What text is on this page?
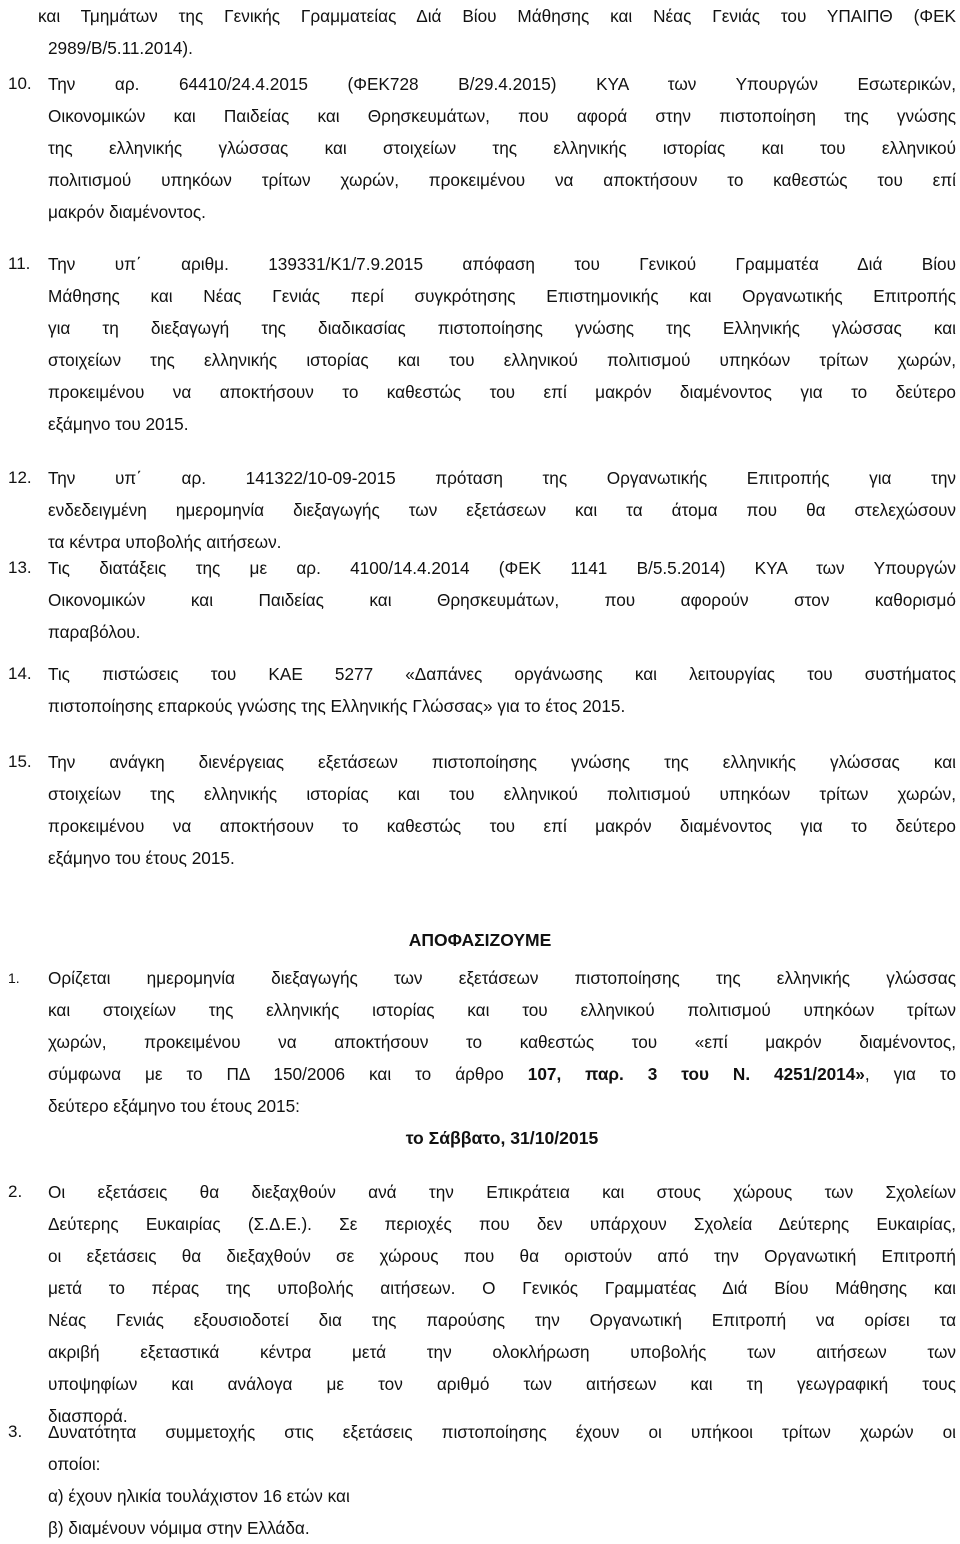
και Τμημάτων της Γενικής Γραμματείας Διά Βίου Μάθησης και Νέας Γενιάς του ΥΠΑΙΠΘ (ΦΕΚ
2989/Β/5.11.2014).
10. Την αρ. 64410/24.4.2015 (ΦΕΚ728 Β/29.4.2015) ΚΥΑ των Υπουργών Εσωτερικών,
Οικονομικών και Παιδείας και Θρησκευμάτων, που αφορά στην πιστοποίηση της γνώσης
της ελληνικής γλώσσας και στοιχείων της ελληνικής ιστορίας και του ελληνικού
πολιτισμού υπηκόων τρίτων χωρών, προκειμένου να αποκτήσουν το καθεστώς του επί
μακρόν διαμένοντος.
11. Την υπ΄ αριθμ. 139331/Κ1/7.9.2015 απόφαση του Γενικού Γραμματέα Διά Βίου
Μάθησης και Νέας Γενιάς περί συγκρότησης Επιστημονικής και Οργανωτικής Επιτροπής
για τη διεξαγωγή της διαδικασίας πιστοποίησης γνώσης της Ελληνικής γλώσσας και
στοιχείων της ελληνικής ιστορίας και του ελληνικού πολιτισμού υπηκόων τρίτων χωρών,
προκειμένου να αποκτήσουν το καθεστώς του επί μακρόν διαμένοντος για το δεύτερο
εξάμηνο του 2015.
12. Την υπ΄ αρ. 141322/10-09-2015 πρόταση της Οργανωτικής Επιτροπής για την
ενδεδειγμένη ημερομηνία διεξαγωγής των εξετάσεων και τα άτομα που θα στελεχώσουν
τα κέντρα υποβολής αιτήσεων.
13. Τις διατάξεις της με αρ. 4100/14.4.2014 (ΦΕΚ 1141 Β/5.5.2014) ΚΥΑ των Υπουργών
Οικονομικών και Παιδείας και Θρησκευμάτων, που αφορούν στον καθορισμό
παραβόλου.
14. Τις πιστώσεις του ΚΑΕ 5277 «Δαπάνες οργάνωσης και λειτουργίας του συστήματος
πιστοποίησης επαρκούς γνώσης της Ελληνικής Γλώσσας» για το έτος 2015.
15. Την ανάγκη διενέργειας εξετάσεων πιστοποίησης γνώσης της ελληνικής γλώσσας και
στοιχείων της ελληνικής ιστορίας και του ελληνικού πολιτισμού υπηκόων τρίτων χωρών,
προκειμένου να αποκτήσουν το καθεστώς του επί μακρόν διαμένοντος για το δεύτερο
εξάμηνο του έτους 2015.
ΑΠΟΦΑΣΙΖΟΥΜΕ
1. Ορίζεται ημερομηνία διεξαγωγής των εξετάσεων πιστοποίησης της ελληνικής γλώσσας
και στοιχείων της ελληνικής ιστορίας και του ελληνικού πολιτισμού υπηκόων τρίτων
χωρών, προκειμένου να αποκτήσουν το καθεστώς του «επί μακρόν διαμένοντος,
σύμφωνα με το ΠΔ 150/2006 και το άρθρο 107, παρ. 3 του Ν. 4251/2014», για το
δεύτερο εξάμηνο του έτους 2015:
το Σάββατο, 31/10/2015
2. Οι εξετάσεις θα διεξαχθούν ανά την Επικράτεια και στους χώρους των Σχολείων
Δεύτερης Ευκαιρίας (Σ.Δ.Ε.). Σε περιοχές που δεν υπάρχουν Σχολεία Δεύτερης Ευκαιρίας,
οι εξετάσεις θα διεξαχθούν σε χώρους που θα οριστούν από την Οργανωτική Επιτροπή
μετά το πέρας της υποβολής αιτήσεων. Ο Γενικός Γραμματέας Διά Βίου Μάθησης και
Νέας Γενιάς εξουσιοδοτεί δια της παρούσης την Οργανωτική Επιτροπή να ορίσει τα
ακριβή εξεταστικά κέντρα μετά την ολοκλήρωση υποβολής των αιτήσεων των
υποψηφίων και ανάλογα με τον αριθμό των αιτήσεων και τη γεωγραφική τους
διασπορά.
3. Δυνατότητα συμμετοχής στις εξετάσεις πιστοποίησης έχουν οι υπήκοοι τρίτων χωρών οι
οποίοι:
α) έχουν ηλικία τουλάχιστον 16 ετών και
β) διαμένουν νόμιμα στην Ελλάδα.
